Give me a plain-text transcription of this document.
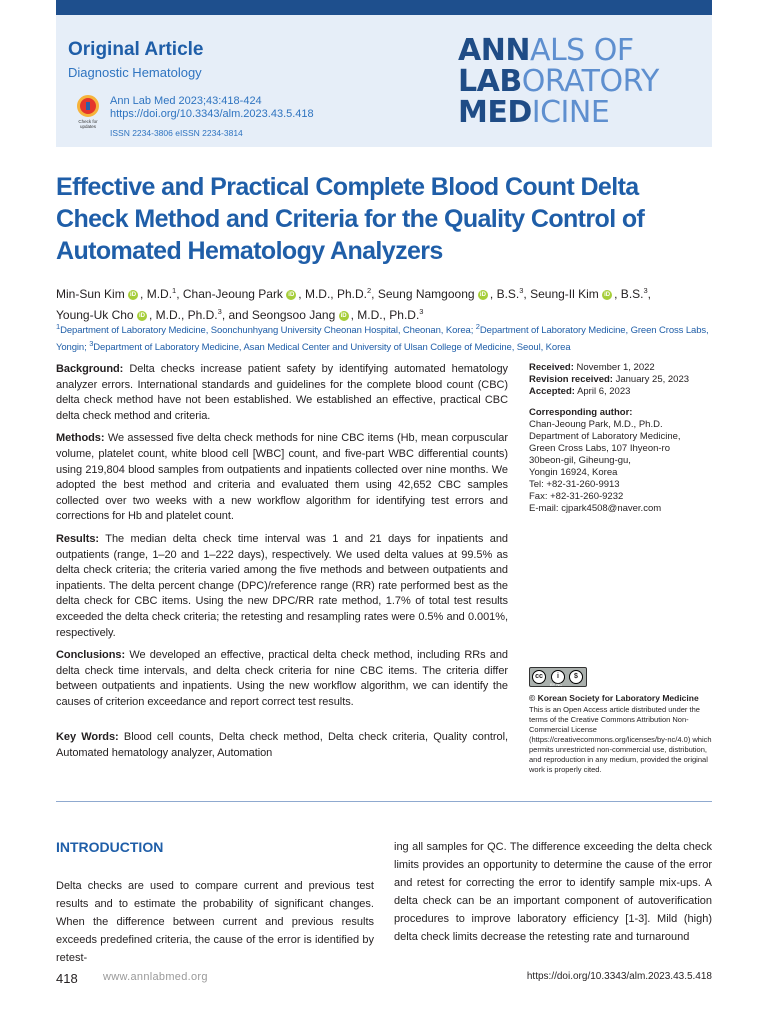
Original Article
Diagnostic Hematology
Check for updates
Ann Lab Med 2023;43:418-424
https://doi.org/10.3343/alm.2023.43.5.418
ISSN 2234-3806 eISSN 2234-3814
ANNALS OF
LABORATORY
MEDICINE
Effective and Practical Complete Blood Count Delta Check Method and Criteria for the Quality Control of Automated Hematology Analyzers
Min-Sun Kim iD , M.D.$^1$, Chan-Jeoung Park iD , M.D., Ph.D.$^2$, Seung Namgoong iD , B.S.$^3$, Seung-Il Kim iD , B.S.$^3$,
Young-Uk Cho iD , M.D., Ph.D.$^3$, and Seongsoo Jang iD , M.D., Ph.D.$^3$
$^1$Department of Laboratory Medicine, Soonchunhyang University Cheonan Hospital, Cheonan, Korea; $^2$Department of Laboratory Medicine, Green Cross Labs, Yongin; $^3$Department of Laboratory Medicine, Asan Medical Center and University of Ulsan College of Medicine, Seoul, Korea

Background: Delta checks increase patient safety by identifying automated hematology analyzer errors. International standards and guidelines for the complete blood count (CBC) delta check method have not been established. We established an effective, practical CBC delta check method and criteria.

Methods: We assessed five delta check methods for nine CBC items (Hb, mean corpuscular volume, platelet count, white blood cell [WBC] count, and five-part WBC differential counts) using 219,804 blood samples from outpatients and inpatients collected over nine months. We adopted the best method and criteria and evaluated them using 42,652 CBC samples collected over two weeks with a new workflow algorithm for identifying test errors and corrections for Hb and platelet count.

Results: The median delta check time interval was 1 and 21 days for inpatients and outpatients (range, 1–20 and 1–222 days), respectively. We used delta values at 99.5% as delta check criteria; the criteria varied among the five methods and between outpatients and inpatients. The delta percent change (DPC)/reference range (RR) rate performed best as the delta check for CBC items. Using the new DPC/RR rate method, 1.7% of total test results exceeded the delta check criteria; the retesting and resampling rates were 0.5% and 0.001%, respectively.

Conclusions: We developed an effective, practical delta check method, including RRs and delta check time intervals, and delta check criteria for nine CBC items. The criteria differ between outpatients and inpatients. Using the new workflow algorithm, we can identify the causes of criterion exceedance and report correct test results.

Key Words: Blood cell counts, Delta check method, Delta check criteria, Quality control, Automated hematology analyzer, Automation

Received: November 1, 2022
Revision received: January 25, 2023
Accepted: April 6, 2023
Corresponding author:
Chan-Jeoung Park, M.D., Ph.D.
Department of Laboratory Medicine,
Green Cross Labs, 107 Ihyeon-ro
30beon-gil, Giheung-gu,
Yongin 16924, Korea
Tel: +82-31-260-9913
Fax: +82-31-260-9232
E-mail: cjpark4508@naver.com
cc	i	$
BY NC
© Korean Society for Laboratory Medicine
This is an Open Access article distributed under the terms of the Creative Commons Attribution Non-Commercial License (https://creativecommons.org/licenses/by-nc/4.0) which permits unrestricted non-commercial use, distribution, and reproduction in any medium, provided the original work is properly cited.
INTRODUCTION
Delta checks are used to compare current and previous test results and to estimate the probability of significant changes. When the difference between current and previous results exceeds predefined criteria, the cause of the error is identified by retest-
ing all samples for QC. The difference exceeding the delta check limits provides an opportunity to determine the cause of the error and retest for correcting the error to identify sample mix-ups. A delta check can be an important component of autoverification procedures to improve laboratory efficiency [1-3]. Mild (high) delta check limits decrease the retesting rate and turnaround
418 www.annlabmed.org	https://doi.org/10.3343/alm.2023.43.5.418
